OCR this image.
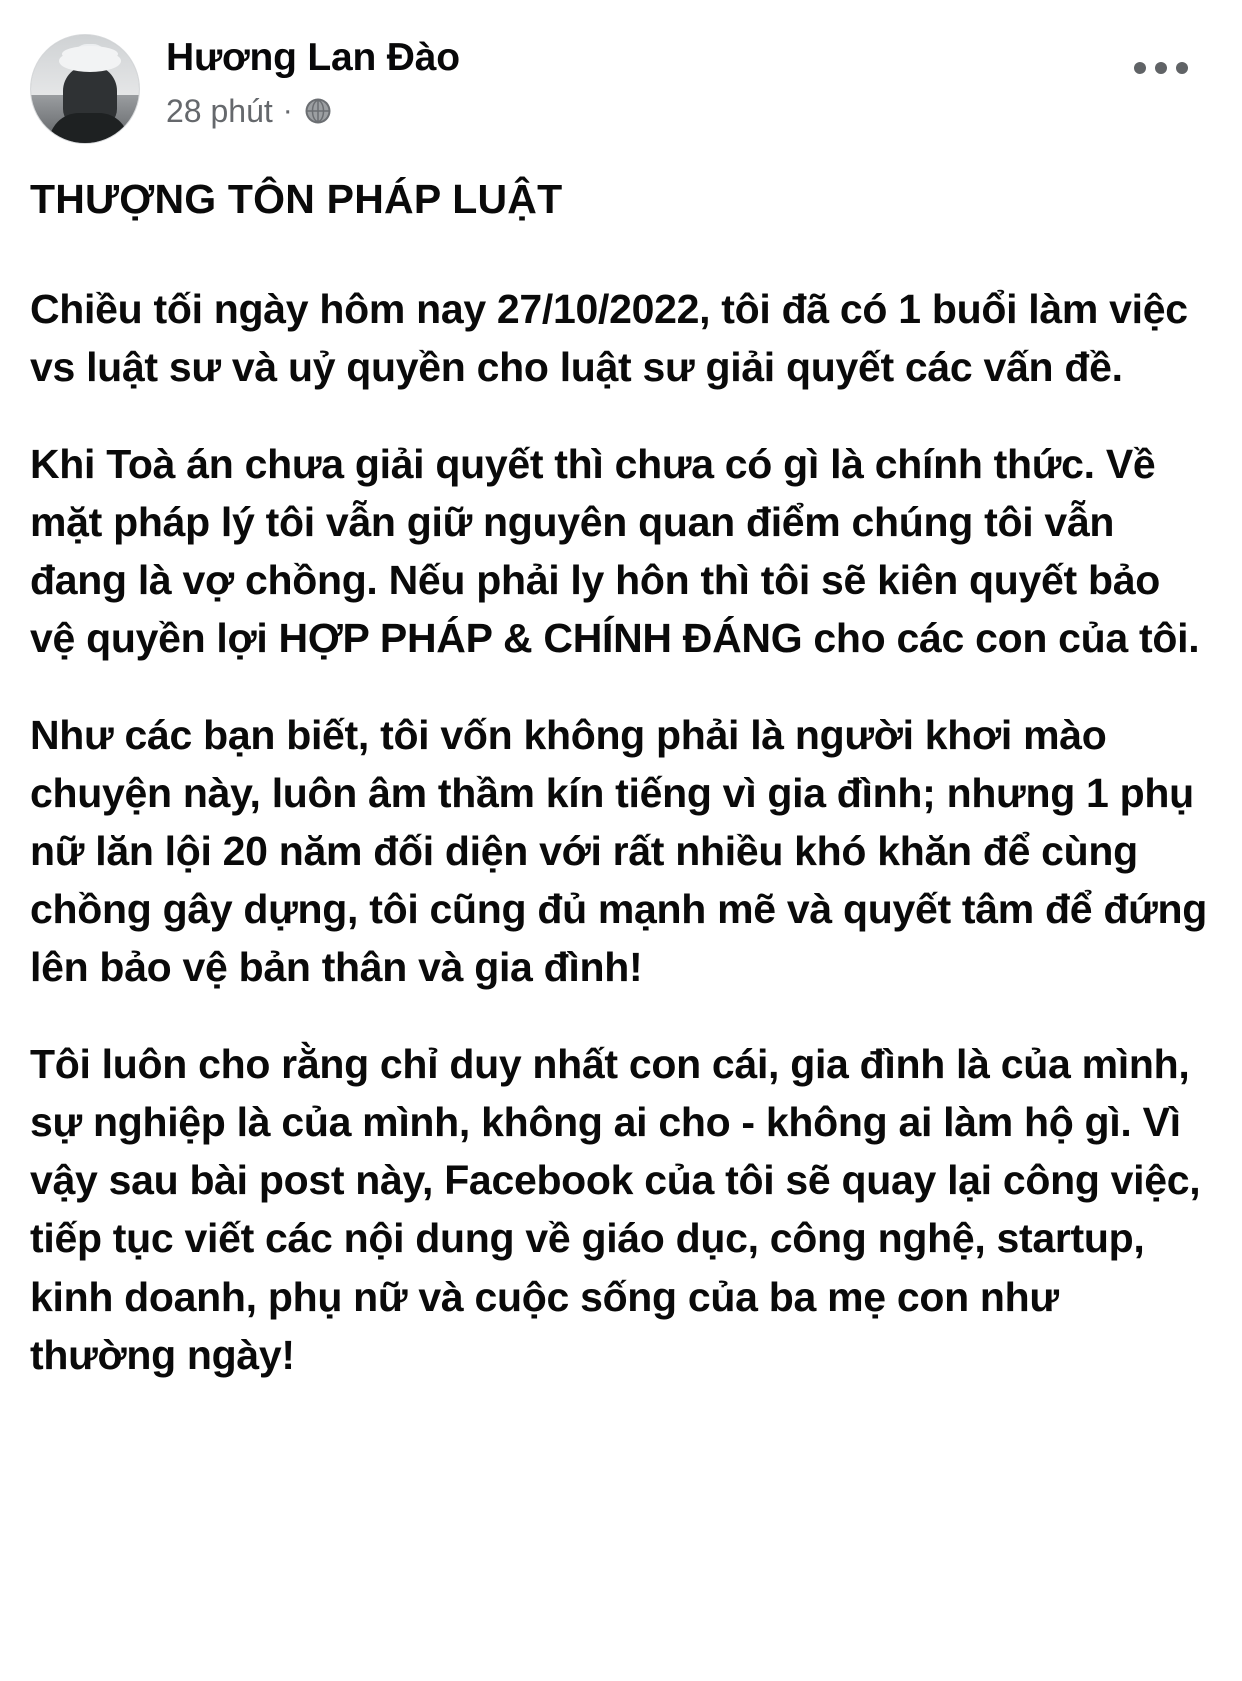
Hương Lan Đào
28 phút ·

THƯỢNG TÔN PHÁP LUẬT

Chiều tối ngày hôm nay 27/10/2022, tôi đã có 1 buổi làm việc vs luật sư và uỷ quyền cho luật sư giải quyết các vấn đề.

Khi Toà án chưa giải quyết thì chưa có gì là chính thức. Về mặt pháp lý tôi vẫn giữ nguyên quan điểm chúng tôi vẫn đang là vợ chồng. Nếu phải ly hôn thì tôi sẽ kiên quyết bảo vệ quyền lợi HỢP PHÁP & CHÍNH ĐÁNG cho các con của tôi.

Như các bạn biết, tôi vốn không phải là người khơi mào chuyện này, luôn âm thầm kín tiếng vì gia đình; nhưng 1 phụ nữ lăn lội 20 năm đối diện với rất nhiều khó khăn để cùng chồng gây dựng, tôi cũng đủ mạnh mẽ và quyết tâm để đứng lên bảo vệ bản thân và gia đình!

Tôi luôn cho rằng chỉ duy nhất con cái, gia đình là của mình, sự nghiệp là của mình, không ai cho - không ai làm hộ gì. Vì vậy sau bài post này, Facebook của tôi sẽ quay lại công việc, tiếp tục viết các nội dung về giáo dục, công nghệ, startup, kinh doanh, phụ nữ và cuộc sống của ba mẹ con như thường ngày!
